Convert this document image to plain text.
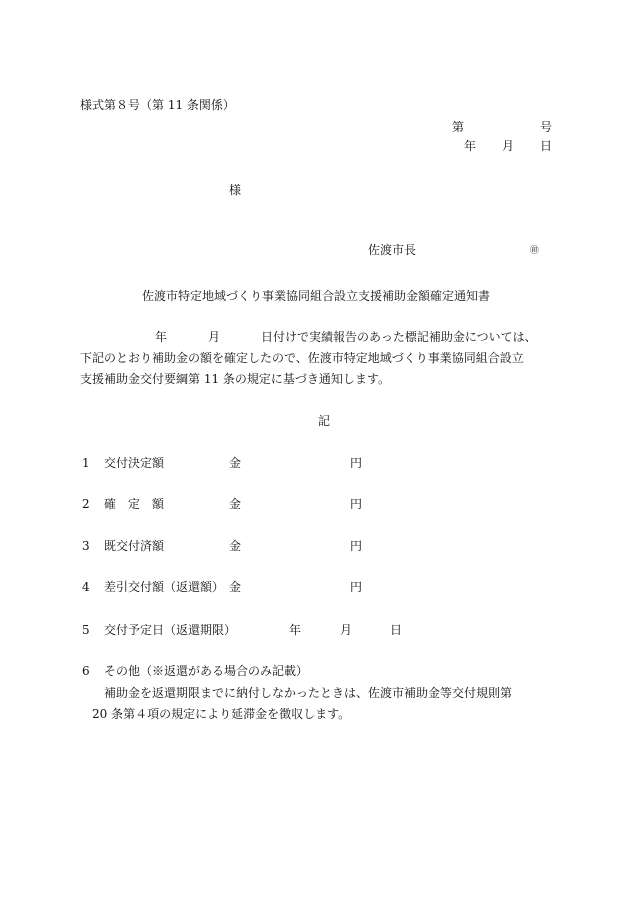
様式第８号（第 11 条関係）
第	号
年 月 日
様
佐渡市長	㊞
佐渡市特定地域づくり事業協同組合設立支援補助金額確定通知書
年	月	日付けで実績報告のあった標記補助金については、
下記のとおり補助金の額を確定したので、佐渡市特定地域づくり事業協同組合設立
支援補助金交付要綱第 11 条の規定に基づき通知します。
記
1 交付決定額	金	円
2 確　定　額	金	円
3 既交付済額	金	円
4 差引交付額（返還額） 金	円
5 交付予定日（返還期限）	年	月	日
6 その他（※返還がある場合のみ記載）
補助金を返還期限までに納付しなかったときは、佐渡市補助金等交付規則第
20 条第４項の規定により延滞金を徴収します。
